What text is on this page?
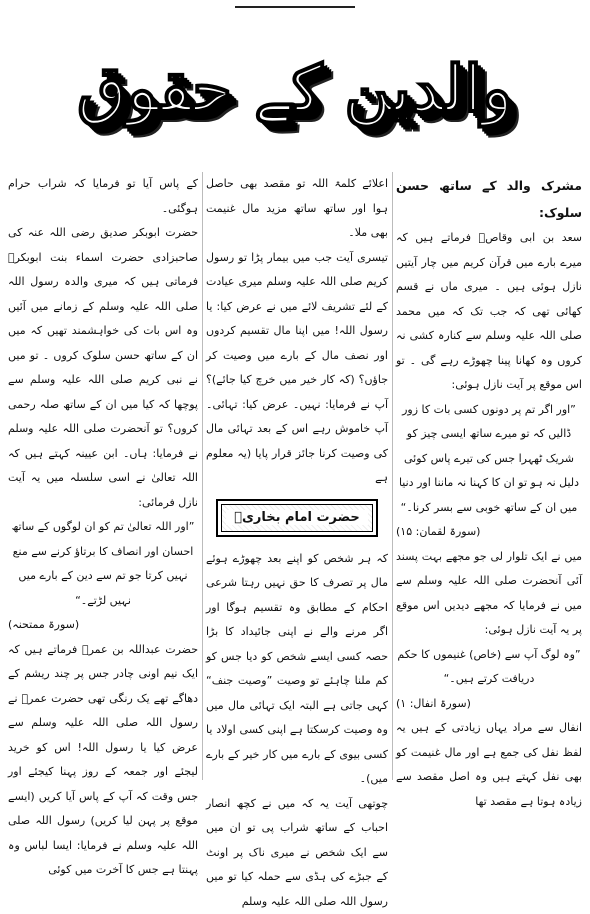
والدین کے حقوق

مشرک والد کے ساتھ حسن سلوک:

سعد بن ابی وقاصؓ فرماتے ہیں کہ میرے بارے میں قرآن کریم میں چار آیتیں نازل ہوئی ہیں ۔ میری ماں نے قسم کھائی تھی کہ جب تک کہ میں محمد صلی اللہ علیہ وسلم سے کنارہ کشی نہ کروں وہ کھانا پینا چھوڑے رہے گی ۔ تو اس موقع پر آیت نازل ہوئی:

”اور اگر تم پر دونوں کسی بات کا زور ڈالیں کہ تو میرے ساتھ ایسی چیز کو شریک ٹھہرا جس کی تیرے پاس کوئی دلیل نہ ہو تو ان کا کہنا نہ ماننا اور دنیا میں ان کے ساتھ خوبی سے بسر کرنا۔“

(سورۃ لقمان: ۱۵)

میں نے ایک تلوار لی جو مجھے بہت پسند آئی آنحضرت صلی اللہ علیہ وسلم سے میں نے فرمایا کہ مجھے دیدیں اس موقع پر یہ آیت نازل ہوئی:

”وہ لوگ آپ سے (خاص) غنیموں کا حکم دریافت کرتے ہیں۔“

(سورۃ انفال: ۱)

انفال سے مراد یہاں زیادتی کے ہیں یہ لفظ نفل کی جمع ہے اور مال غنیمت کو بھی نفل کہتے ہیں وہ اصل مقصد سے زیادہ ہوتا ہے مقصد تھا

اعلائے کلمۃ اللہ تو مقصد بھی حاصل ہوا اور ساتھ ساتھ مزید مال غنیمت بھی ملا۔

تیسری آیت جب میں بیمار پڑا تو رسول کریم صلی اللہ علیہ وسلم میری عیادت کے لئے تشریف لائے میں نے عرض کیا: یا رسول اللہ! میں اپنا مال تقسیم کردوں اور نصف مال کے بارے میں وصیت کر جاؤں؟ (کہ کار خیر میں خرچ کیا جائے)؟ آپ نے فرمایا: نہیں۔ عرض کیا: تہائی۔ آپ خاموش رہے اس کے بعد تہائی مال کی وصیت کرنا جائز قرار پایا (یہ معلوم ہے

حضرت امام بخاریؒ

کہ ہر شخص کو اپنے بعد چھوڑے ہوئے مال پر تصرف کا حق نہیں رہتا شرعی احکام کے مطابق وہ تقسیم ہوگا اور اگر مرنے والے نے اپنی جائیداد کا بڑا حصہ کسی ایسے شخص کو دیا جس کو کم ملنا چاہئے تو وصیت ”وصیت جنف“ کہی جاتی ہے البتہ ایک تہائی مال میں وہ وصیت کرسکتا ہے اپنی کسی اولاد یا کسی بیوی کے بارے میں کار خیر کے بارے میں)۔

چوتھی آیت یہ کہ میں نے کچھ انصار احباب کے ساتھ شراب پی تو ان میں سے ایک شخص نے میری ناک پر اونٹ کے جبڑے کی ہڈی سے حملہ کیا تو میں رسول اللہ صلی اللہ علیہ وسلم

کے پاس آیا تو فرمایا کہ شراب حرام ہوگئی۔

حضرت ابوبکر صدیق رضی اللہ عنہ کی صاحبزادی حضرت اسماء بنت ابوبکرؓ فرماتی ہیں کہ میری والدہ رسول اللہ صلی اللہ علیہ وسلم کے زمانے میں آئیں وہ اس بات کی خواہشمند تھیں کہ میں ان کے ساتھ حسن سلوک کروں ۔ تو میں نے نبی کریم صلی اللہ علیہ وسلم سے پوچھا کہ کیا میں ان کے ساتھ صلہ رحمی کروں؟ تو آنحضرت صلی اللہ علیہ وسلم نے فرمایا: ہاں۔ ابن عیینہ کہتے ہیں کہ اللہ تعالیٰ نے اسی سلسلہ میں یہ آیت نازل فرمائی:

”اور اللہ تعالیٰ تم کو ان لوگوں کے ساتھ احسان اور انصاف کا برتاؤ کرنے سے منع نہیں کرتا جو تم سے دین کے بارے میں نہیں لڑتے۔“

(سورۃ ممتحنہ)

حضرت عبداللہ بن عمرؓ فرماتے ہیں کہ ایک نیم اونی چادر جس پر چند ریشم کے دھاگے تھے یک رنگی تھی حضرت عمرؓ نے رسول اللہ صلی اللہ علیہ وسلم سے عرض کیا یا رسول اللہ! اس کو خرید لیجئے اور جمعہ کے روز پہنا کیجئے اور جس وقت کہ آپ کے پاس آیا کریں (ایسے موقع پر پہن لیا کریں) رسول اللہ صلی اللہ علیہ وسلم نے فرمایا: ایسا لباس وہ پہنتا ہے جس کا آخرت میں کوئی
